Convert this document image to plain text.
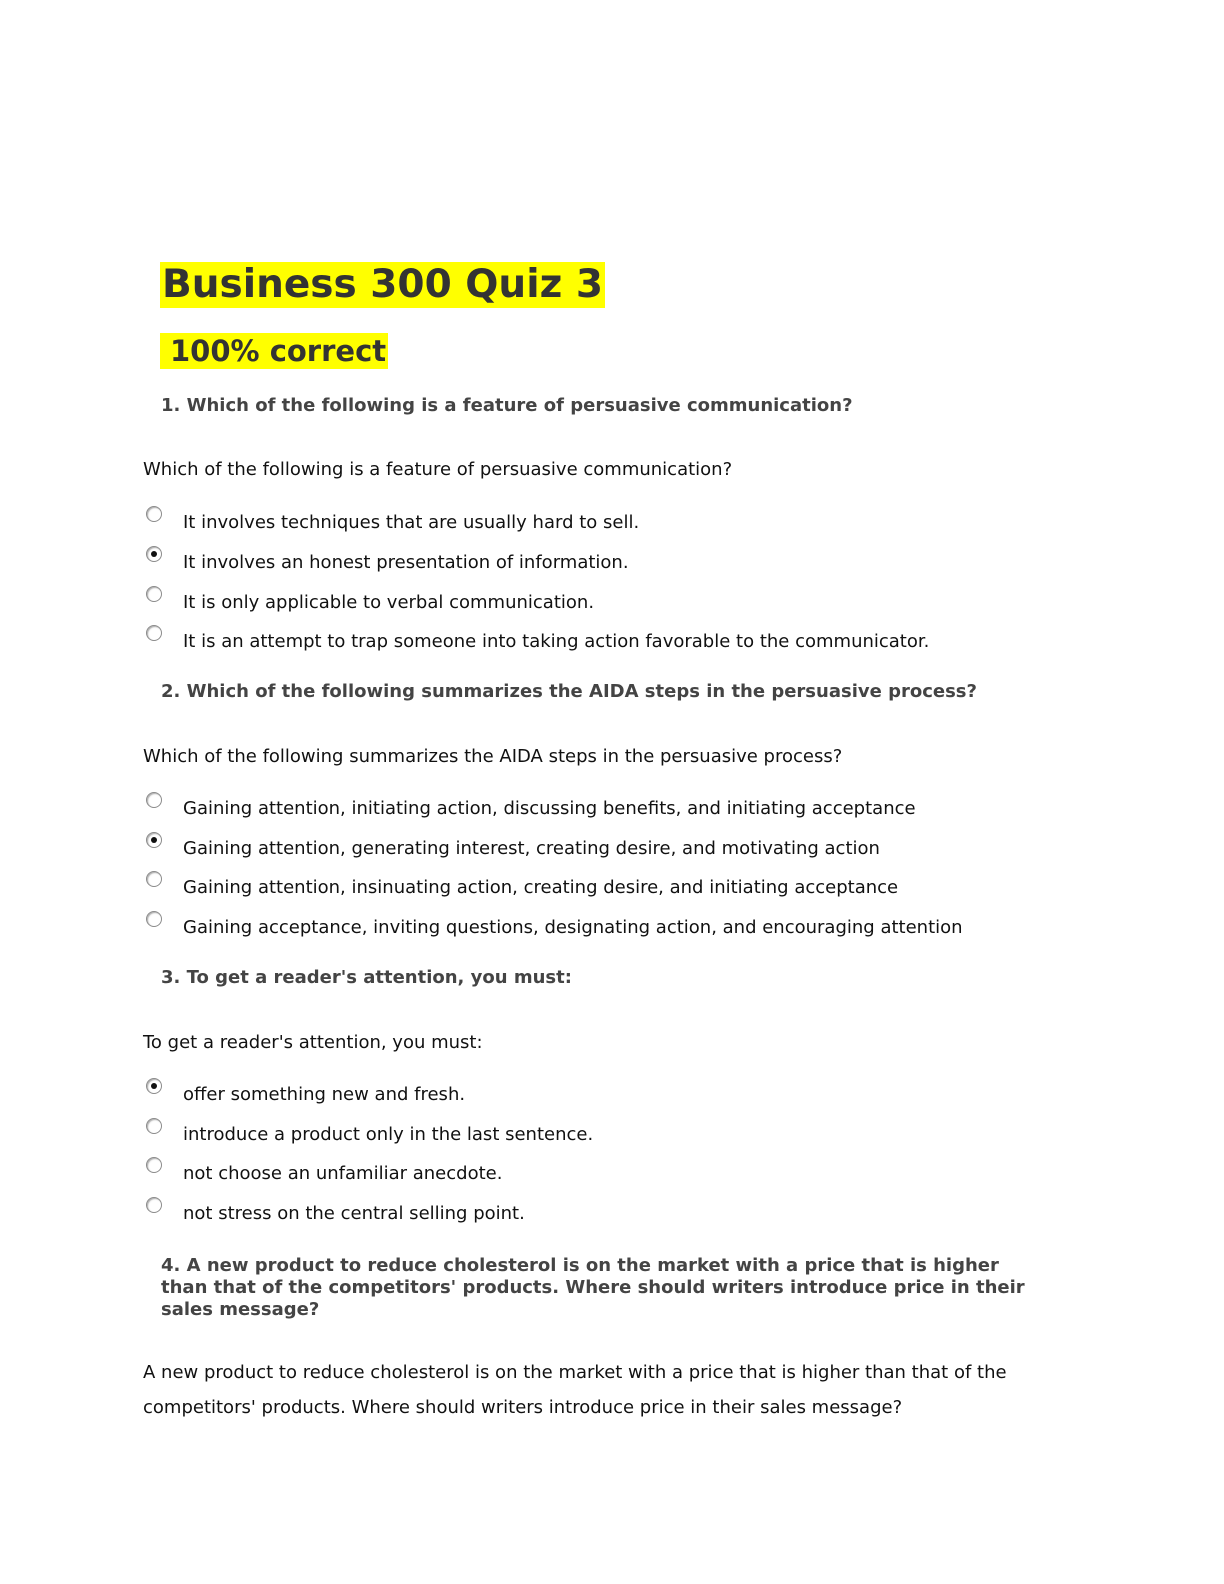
Business 300 Quiz 3
100% correct
1. Which of the following is a feature of persuasive communication?
Which of the following is a feature of persuasive communication?
It involves techniques that are usually hard to sell.
It involves an honest presentation of information.
It is only applicable to verbal communication.
It is an attempt to trap someone into taking action favorable to the communicator.
2. Which of the following summarizes the AIDA steps in the persuasive process?
Which of the following summarizes the AIDA steps in the persuasive process?
Gaining attention, initiating action, discussing benefits, and initiating acceptance
Gaining attention, generating interest, creating desire, and motivating action
Gaining attention, insinuating action, creating desire, and initiating acceptance
Gaining acceptance, inviting questions, designating action, and encouraging attention
3. To get a reader's attention, you must:
To get a reader's attention, you must:
offer something new and fresh.
introduce a product only in the last sentence.
not choose an unfamiliar anecdote.
not stress on the central selling point.
4. A new product to reduce cholesterol is on the market with a price that is higher than that of the competitors' products. Where should writers introduce price in their sales message?
A new product to reduce cholesterol is on the market with a price that is higher than that of the competitors' products. Where should writers introduce price in their sales message?
